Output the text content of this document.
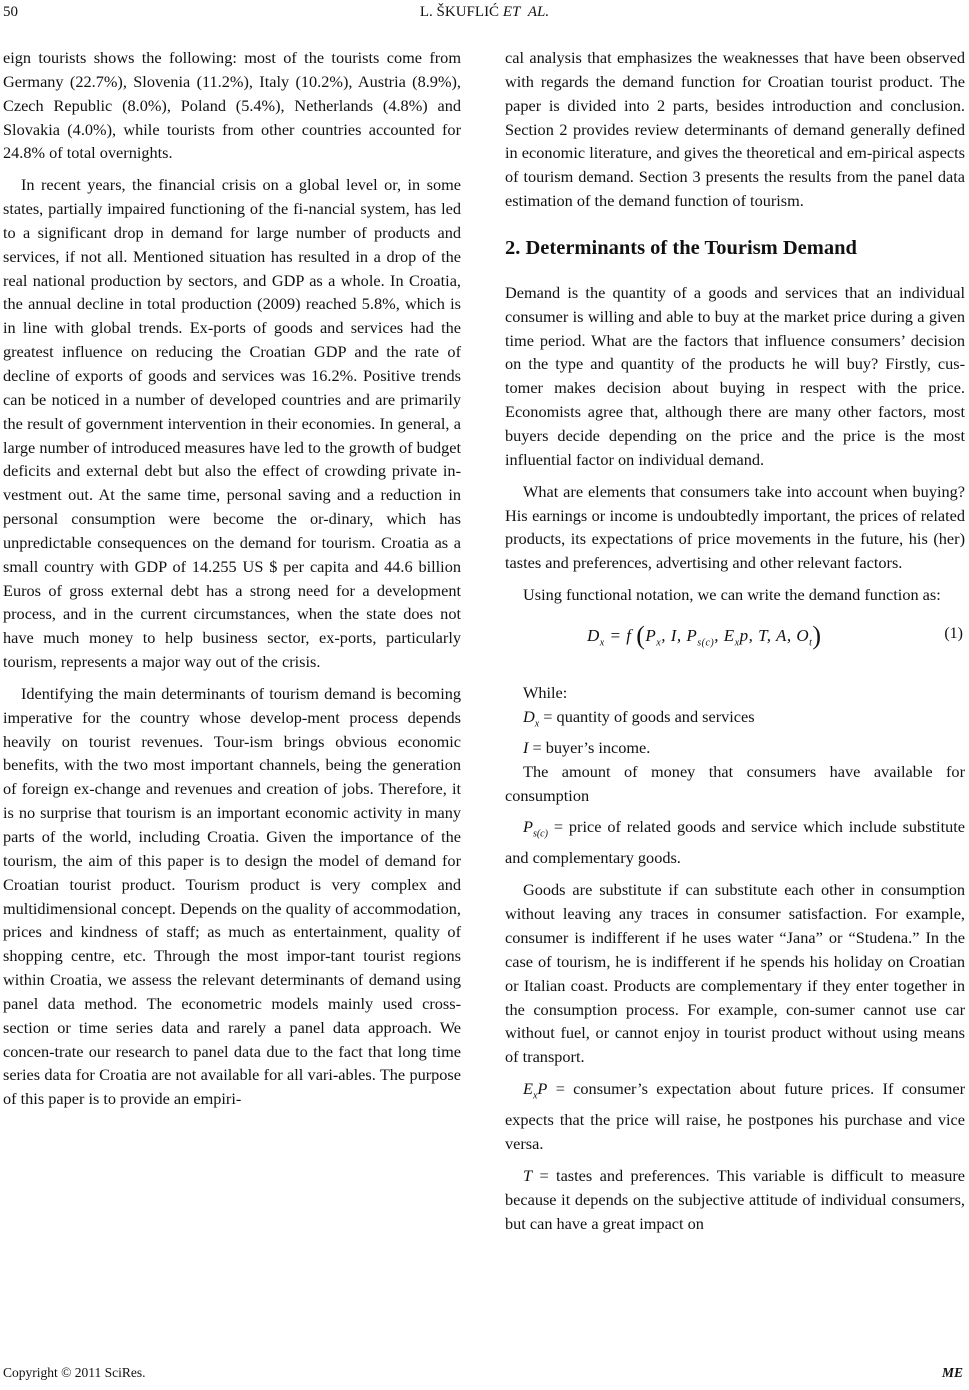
50	L. ŠKUFLIĆ ET AL.

eign tourists shows the following: most of the tourists come from Germany (22.7%), Slovenia (11.2%), Italy (10.2%), Austria (8.9%), Czech Republic (8.0%), Poland (5.4%), Netherlands (4.8%) and Slovakia (4.0%), while tourists from other countries accounted for 24.8% of total overnights.

In recent years, the financial crisis on a global level or, in some states, partially impaired functioning of the fi-nancial system, has led to a significant drop in demand for large number of products and services, if not all. Mentioned situation has resulted in a drop of the real national production by sectors, and GDP as a whole. In Croatia, the annual decline in total production (2009) reached 5.8%, which is in line with global trends. Ex-ports of goods and services had the greatest influence on reducing the Croatian GDP and the rate of decline of exports of goods and services was 16.2%. Positive trends can be noticed in a number of developed countries and are primarily the result of government intervention in their economies. In general, a large number of introduced measures have led to the growth of budget deficits and external debt but also the effect of crowding private in-vestment out. At the same time, personal saving and a reduction in personal consumption were become the or-dinary, which has unpredictable consequences on the demand for tourism. Croatia as a small country with GDP of 14.255 US $ per capita and 44.6 billion Euros of gross external debt has a strong need for a development process, and in the current circumstances, when the state does not have much money to help business sector, ex-ports, particularly tourism, represents a major way out of the crisis.

Identifying the main determinants of tourism demand is becoming imperative for the country whose develop-ment process depends heavily on tourist revenues. Tour-ism brings obvious economic benefits, with the two most important channels, being the generation of foreign ex-change and revenues and creation of jobs. Therefore, it is no surprise that tourism is an important economic activity in many parts of the world, including Croatia. Given the importance of the tourism, the aim of this paper is to design the model of demand for Croatian tourist product. Tourism product is very complex and multidimensional concept. Depends on the quality of accommodation, prices and kindness of staff; as much as entertainment, quality of shopping centre, etc. Through the most impor-tant tourist regions within Croatia, we assess the relevant determinants of demand using panel data method. The econometric models mainly used cross-section or time series data and rarely a panel data approach. We concen-trate our research to panel data due to the fact that long time series data for Croatia are not available for all vari-ables. The purpose of this paper is to provide an empiri-

cal analysis that emphasizes the weaknesses that have been observed with regards the demand function for Croatian tourist product. The paper is divided into 2 parts, besides introduction and conclusion. Section 2 provides review determinants of demand generally defined in economic literature, and gives the theoretical and em-pirical aspects of tourism demand. Section 3 presents the results from the panel data estimation of the demand function of tourism.

2. Determinants of the Tourism Demand

Demand is the quantity of a goods and services that an individual consumer is willing and able to buy at the market price during a given time period. What are the factors that influence consumers’ decision on the type and quantity of the products he will buy? Firstly, cus-tomer makes decision about buying in respect with the price. Economists agree that, although there are many other factors, most buyers decide depending on the price and the price is the most influential factor on individual demand.

What are elements that consumers take into account when buying? His earnings or income is undoubtedly important, the prices of related products, its expectations of price movements in the future, his (her) tastes and preferences, advertising and other relevant factors.

Using functional notation, we can write the demand function as:

$D_x = f$ ($P_x$, I, $P_{s(c)}$, $E_xp$, T, A, $O_t$)	(1)

While:

$D_x$ = quantity of goods and services

I = buyer’s income.

The amount of money that consumers have available for consumption

$P_{s(c)}$ = price of related goods and service which include substitute and complementary goods.

Goods are substitute if can substitute each other in consumption without leaving any traces in consumer satisfaction. For example, consumer is indifferent if he uses water “Jana” or “Studena.” In the case of tourism, he is indifferent if he spends his holiday on Croatian or Italian coast. Products are complementary if they enter together in the consumption process. For example, con-sumer cannot use car without fuel, or cannot enjoy in tourist product without using means of transport.

$E_xP$ = consumer’s expectation about future prices. If consumer expects that the price will raise, he postpones his purchase and vice versa.

T = tastes and preferences. This variable is difficult to measure because it depends on the subjective attitude of individual consumers, but can have a great impact on

Copyright © 2011 SciRes.	ME
